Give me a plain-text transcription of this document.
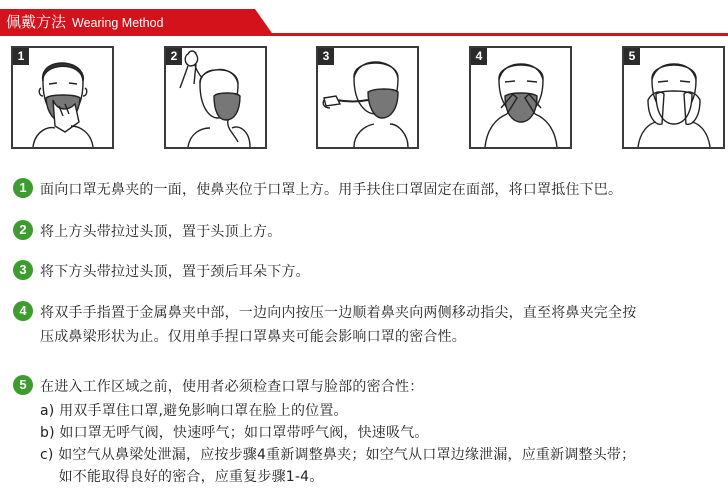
佩戴方法 Wearing Method
1	2	3	4	5
1 面向口罩无鼻夹的一面，使鼻夹位于口罩上方。用手扶住口罩固定在面部，将口罩抵住下巴。
2 将上方头带拉过头顶，置于头顶上方。
3 将下方头带拉过头顶，置于颈后耳朵下方。
4 将双手手指置于金属鼻夹中部，一边向内按压一边顺着鼻夹向两侧移动指尖，直至将鼻夹完全按
压成鼻梁形状为止。仅用单手捏口罩鼻夹可能会影响口罩的密合性。
5 在进入工作区域之前，使用者必须检查口罩与脸部的密合性：
a) 用双手罩住口罩,避免影响口罩在脸上的位置。
b) 如口罩无呼气阀，快速呼气；如口罩带呼气阀，快速吸气。
c) 如空气从鼻梁处泄漏，应按步骤4重新调整鼻夹；如空气从口罩边缘泄漏，应重新调整头带；
如不能取得良好的密合，应重复步骤1-4。
